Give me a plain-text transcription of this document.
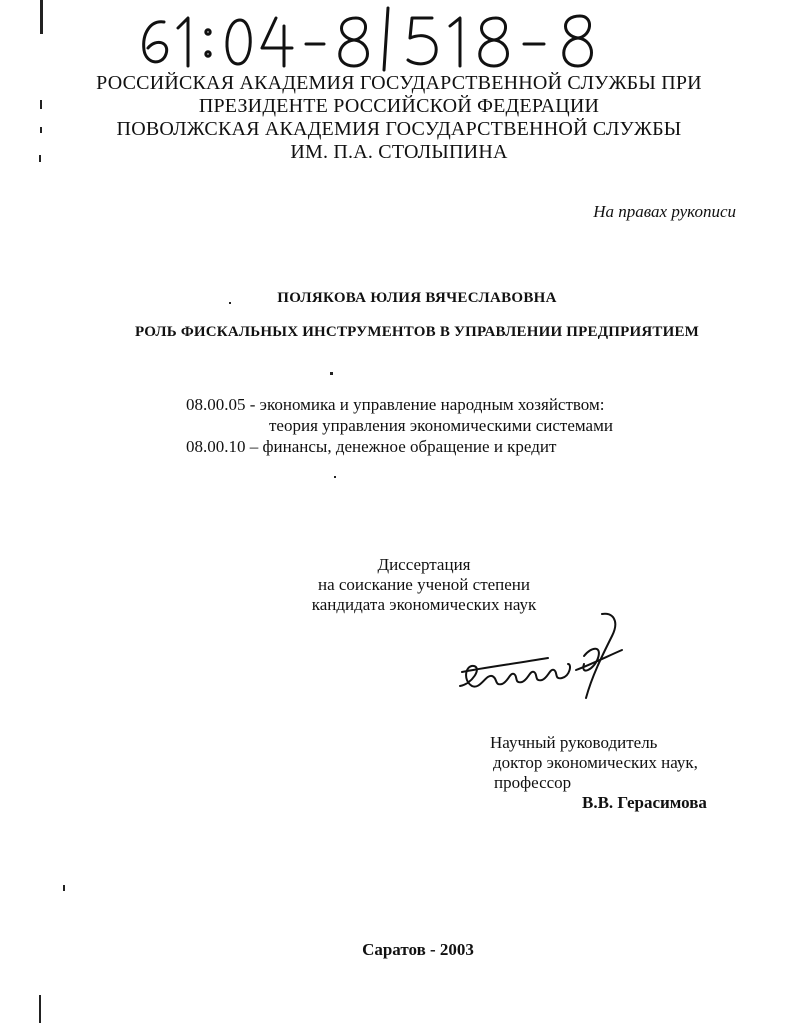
РОССИЙСКАЯ АКАДЕМИЯ ГОСУДАРСТВЕННОЙ СЛУЖБЫ ПРИ
ПРЕЗИДЕНТЕ РОССИЙСКОЙ ФЕДЕРАЦИИ
ПОВОЛЖСКАЯ АКАДЕМИЯ ГОСУДАРСТВЕННОЙ СЛУЖБЫ
ИМ. П.А. СТОЛЫПИНА
На правах рукописи
ПОЛЯКОВА ЮЛИЯ ВЯЧЕСЛАВОВНА
РОЛЬ ФИСКАЛЬНЫХ ИНСТРУМЕНТОВ В УПРАВЛЕНИИ ПРЕДПРИЯТИЕМ
08.00.05 - экономика и управление народным хозяйством:
теория управления экономическими системами
08.00.10 – финансы, денежное обращение и кредит
Диссертация
на соискание ученой степени
кандидата экономических наук
Научный руководитель
доктор экономических наук,
профессор
В.В. Герасимова
Саратов - 2003
